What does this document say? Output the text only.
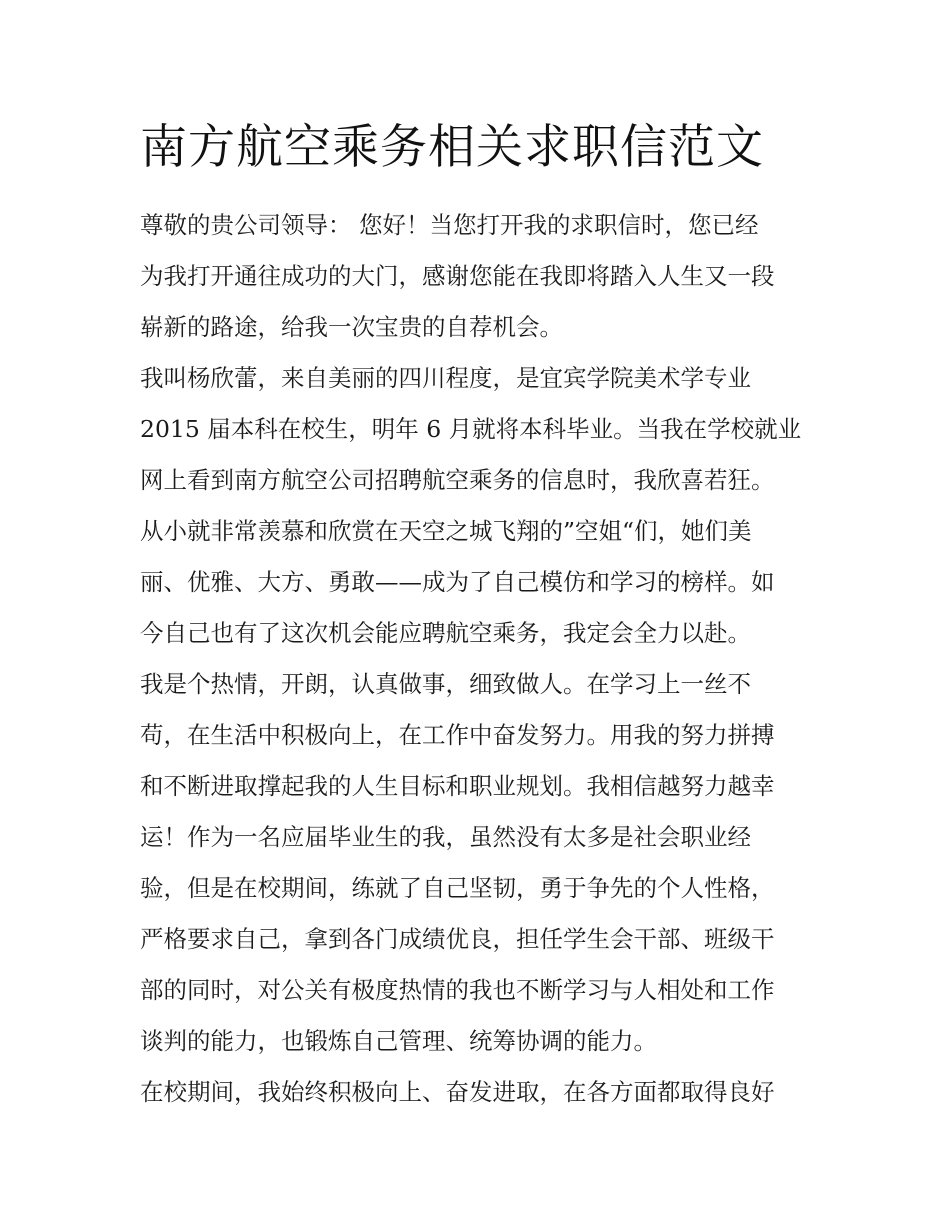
南方航空乘务相关求职信范文
尊敬的贵公司领导： 您好！当您打开我的求职信时，您已经
为我打开通往成功的大门，感谢您能在我即将踏入人生又一段
崭新的路途，给我一次宝贵的自荐机会。
我叫杨欣蕾，来自美丽的四川程度，是宜宾学院美术学专业
2015 届本科在校生，明年 6 月就将本科毕业。当我在学校就业
网上看到南方航空公司招聘航空乘务的信息时，我欣喜若狂。
从小就非常羡慕和欣赏在天空之城飞翔的”空姐“们，她们美
丽、优雅、大方、勇敢——成为了自己模仿和学习的榜样。如
今自己也有了这次机会能应聘航空乘务，我定会全力以赴。
我是个热情，开朗，认真做事，细致做人。在学习上一丝不
苟，在生活中积极向上，在工作中奋发努力。用我的努力拼搏
和不断进取撑起我的人生目标和职业规划。我相信越努力越幸
运！作为一名应届毕业生的我，虽然没有太多是社会职业经
验，但是在校期间，练就了自己坚韧，勇于争先的个人性格，
严格要求自己，拿到各门成绩优良，担任学生会干部、班级干
部的同时，对公关有极度热情的我也不断学习与人相处和工作
谈判的能力，也锻炼自己管理、统筹协调的能力。
在校期间，我始终积极向上、奋发进取，在各方面都取得良好
